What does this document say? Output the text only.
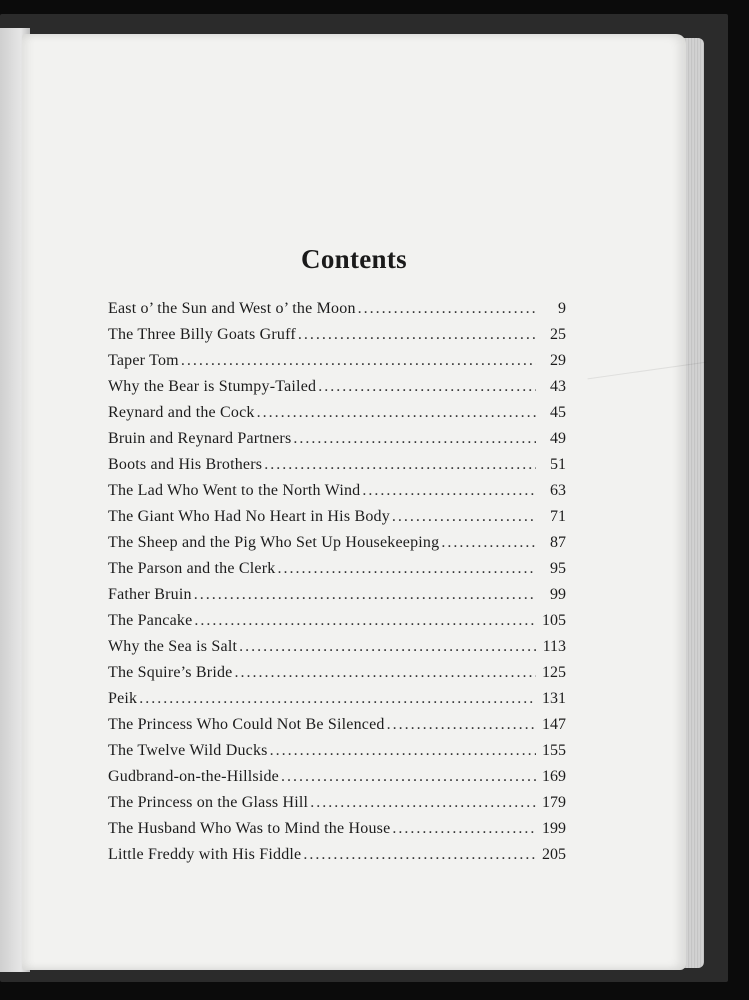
Contents
East o’ the Sun and West o’ the Moon . . .	9
The Three Billy Goats Gruff . . .	25
Taper Tom . . .	29
Why the Bear is Stumpy-Tailed . . .	43
Reynard and the Cock . . .	45
Bruin and Reynard Partners . . .	49
Boots and His Brothers . . .	51
The Lad Who Went to the North Wind . . .	63
The Giant Who Had No Heart in His Body . . .	71
The Sheep and the Pig Who Set Up Housekeeping . . .	87
The Parson and the Clerk . . .	95
Father Bruin . . .	99
The Pancake . . .	105
Why the Sea is Salt . . .	113
The Squire’s Bride . . .	125
Peik . . .	131
The Princess Who Could Not Be Silenced . . .	147
The Twelve Wild Ducks . . .	155
Gudbrand-on-the-Hillside . . .	169
The Princess on the Glass Hill . . .	179
The Husband Who Was to Mind the House . . .	199
Little Freddy with His Fiddle . . .	205
